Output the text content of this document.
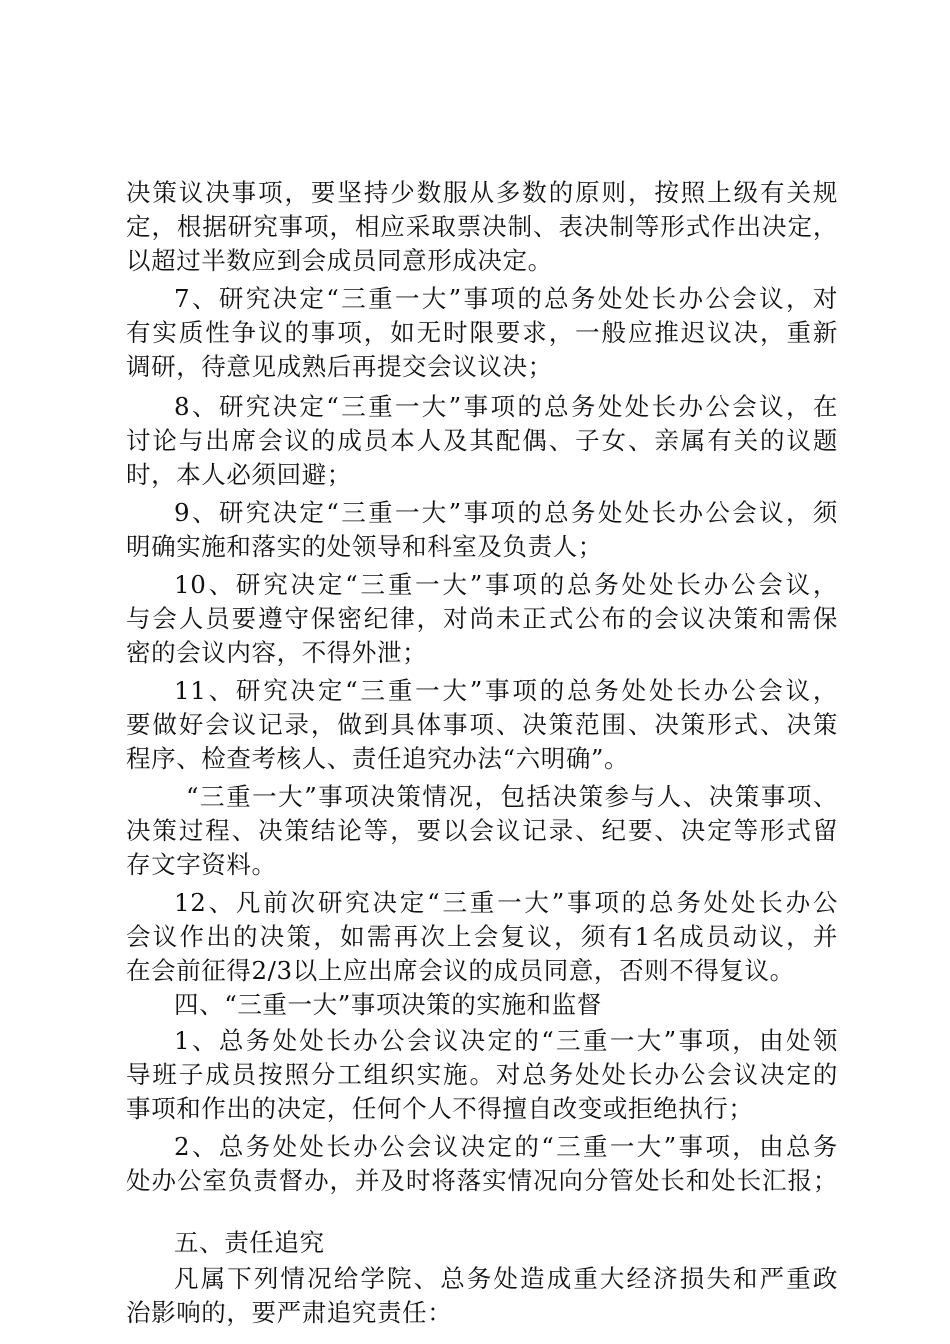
决策议决事项，要坚持少数服从多数的原则，按照上级有关规
定，根据研究事项，相应采取票决制、表决制等形式作出决定，
以超过半数应到会成员同意形成决定。
7、研究决定“三重一大”事项的总务处处长办公会议，对
有实质性争议的事项，如无时限要求，一般应推迟议决，重新
调研，待意见成熟后再提交会议议决；
8、研究决定“三重一大”事项的总务处处长办公会议，在
讨论与出席会议的成员本人及其配偶、子女、亲属有关的议题
时，本人必须回避；
9、研究决定“三重一大”事项的总务处处长办公会议，须
明确实施和落实的处领导和科室及负责人；
10、研究决定“三重一大”事项的总务处处长办公会议，
与会人员要遵守保密纪律，对尚未正式公布的会议决策和需保
密的会议内容，不得外泄；
11、研究决定“三重一大”事项的总务处处长办公会议，
要做好会议记录，做到具体事项、决策范围、决策形式、决策
程序、检查考核人、责任追究办法“六明确”。
“三重一大”事项决策情况，包括决策参与人、决策事项、
决策过程、决策结论等，要以会议记录、纪要、决定等形式留
存文字资料。
12、凡前次研究决定“三重一大”事项的总务处处长办公
会议作出的决策，如需再次上会复议，须有1名成员动议，并
在会前征得2/3以上应出席会议的成员同意，否则不得复议。
四、“三重一大”事项决策的实施和监督
1、总务处处长办公会议决定的“三重一大”事项，由处领
导班子成员按照分工组织实施。对总务处处长办公会议决定的
事项和作出的决定，任何个人不得擅自改变或拒绝执行；
2、总务处处长办公会议决定的“三重一大”事项，由总务
处办公室负责督办，并及时将落实情况向分管处长和处长汇报；
五、责任追究
凡属下列情况给学院、总务处造成重大经济损失和严重政
治影响的，要严肃追究责任：
